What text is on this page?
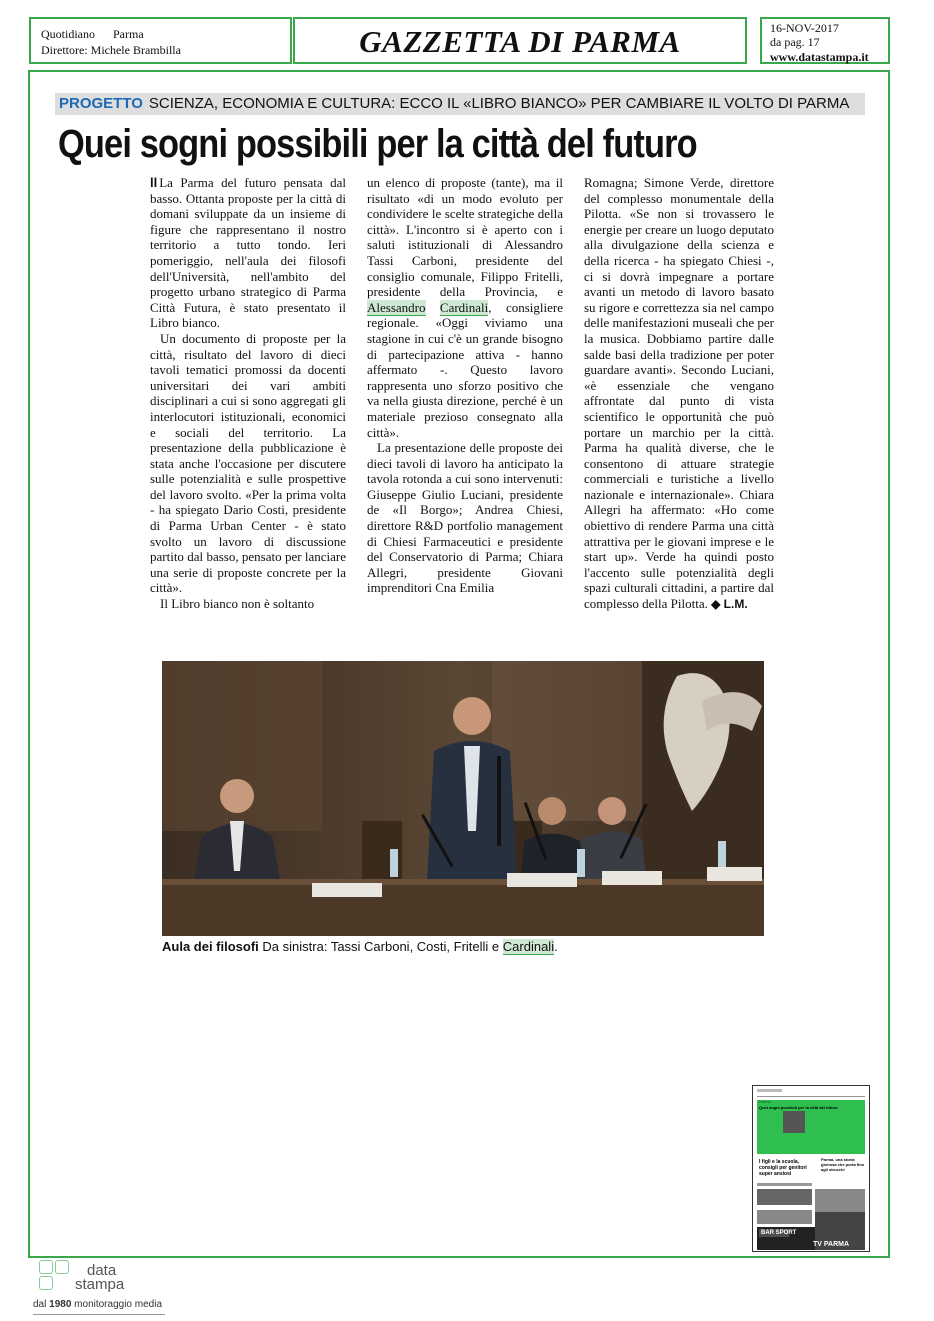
Quotidiano Parma
Direttore: Michele Brambilla	GAZZETTA DI PARMA	16-NOV-2017
da pag. 17
www.datastampa.it
PROGETTO SCIENZA, ECONOMIA E CULTURA: ECCO IL «LIBRO BIANCO» PER CAMBIARE IL VOLTO DI PARMA
Quei sogni possibili per la città del futuro

ll La Parma del futuro pensata dal basso. Ottanta proposte per la città di domani sviluppate da un insieme di figure che rappresentano il nostro territorio a tutto tondo. Ieri pomeriggio, nell'aula dei filosofi dell'Università, nell'ambito del progetto urbano strategico di Parma Città Futura, è stato presentato il Libro bianco.

Un documento di proposte per la città, risultato del lavoro di dieci tavoli tematici promossi da docenti universitari dei vari ambiti disciplinari a cui si sono aggregati gli interlocutori istituzionali, economici e sociali del territorio. La presentazione della pubblicazione è stata anche l'occasione per discutere sulle potenzialità e sulle prospettive del lavoro svolto. «Per la prima volta - ha spiegato Dario Costi, presidente di Parma Urban Center - è stato svolto un lavoro di discussione partito dal basso, pensato per lanciare una serie di proposte concrete per la città».

Il Libro bianco non è soltanto

un elenco di proposte (tante), ma il risultato «di un modo evoluto per condividere le scelte strategiche della città». L'incontro si è aperto con i saluti istituzionali di Alessandro Tassi Carboni, presidente del consiglio comunale, Filippo Fritelli, presidente della Provincia, e Alessandro Cardinali, consigliere regionale. «Oggi viviamo una stagione in cui c'è un grande bisogno di partecipazione attiva - hanno affermato -. Questo lavoro rappresenta uno sforzo positivo che va nella giusta direzione, perché è un materiale prezioso consegnato alla città».

La presentazione delle proposte dei dieci tavoli di lavoro ha anticipato la tavola rotonda a cui sono intervenuti: Giuseppe Giulio Luciani, presidente de «Il Borgo»; Andrea Chiesi, direttore R&D portfolio management di Chiesi Farmaceutici e presidente del Conservatorio di Parma; Chiara Allegri, presidente Giovani imprenditori Cna Emilia

Romagna; Simone Verde, direttore del complesso monumentale della Pilotta. «Se non si trovassero le energie per creare un luogo deputato alla divulgazione della scienza e della ricerca - ha spiegato Chiesi -, ci si dovrà impegnare a portare avanti un metodo di lavoro basato su rigore e correttezza sia nel campo delle manifestazioni museali che per la musica. Dobbiamo partire dalle salde basi della tradizione per poter guardare avanti». Secondo Luciani, «è essenziale che vengano affrontate dal punto di vista scientifico le opportunità che può portare un marchio per la città. Parma ha qualità diverse, che le consentono di attuare strategie commerciali e turistiche a livello nazionale e internazionale». Chiara Allegri ha affermato: «Ho come obiettivo di rendere Parma una città attrattiva per le giovani imprese e le start up». Verde ha quindi posto l'accento sulle potenzialità degli spazi culturali cittadini, a partire dal complesso della Pilotta. ◆ L.M.

Aula dei filosofi Da sinistra: Tassi Carboni, Costi, Fritelli e Cardinali.
Parma
Quei sogni possibili per la città del futuro
I figli e la scuola, consigli per genitori super ansiosi
Parma, una storia gloriosa che porta fino agli strucchi
BAR SPORT
TV PARMA
data
stampa
dal 1980 monitoraggio media
